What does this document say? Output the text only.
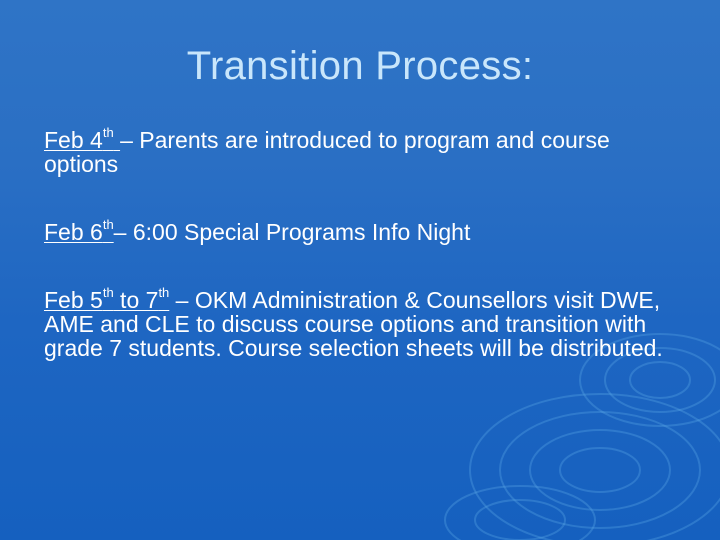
Transition Process:

Feb 4th – Parents are introduced to program and course options

Feb 6th– 6:00 Special Programs Info Night

Feb 5th to 7th – OKM Administration & Counsellors visit DWE, AME and CLE to discuss course options and transition with grade 7 students. Course selection sheets will be distributed.
